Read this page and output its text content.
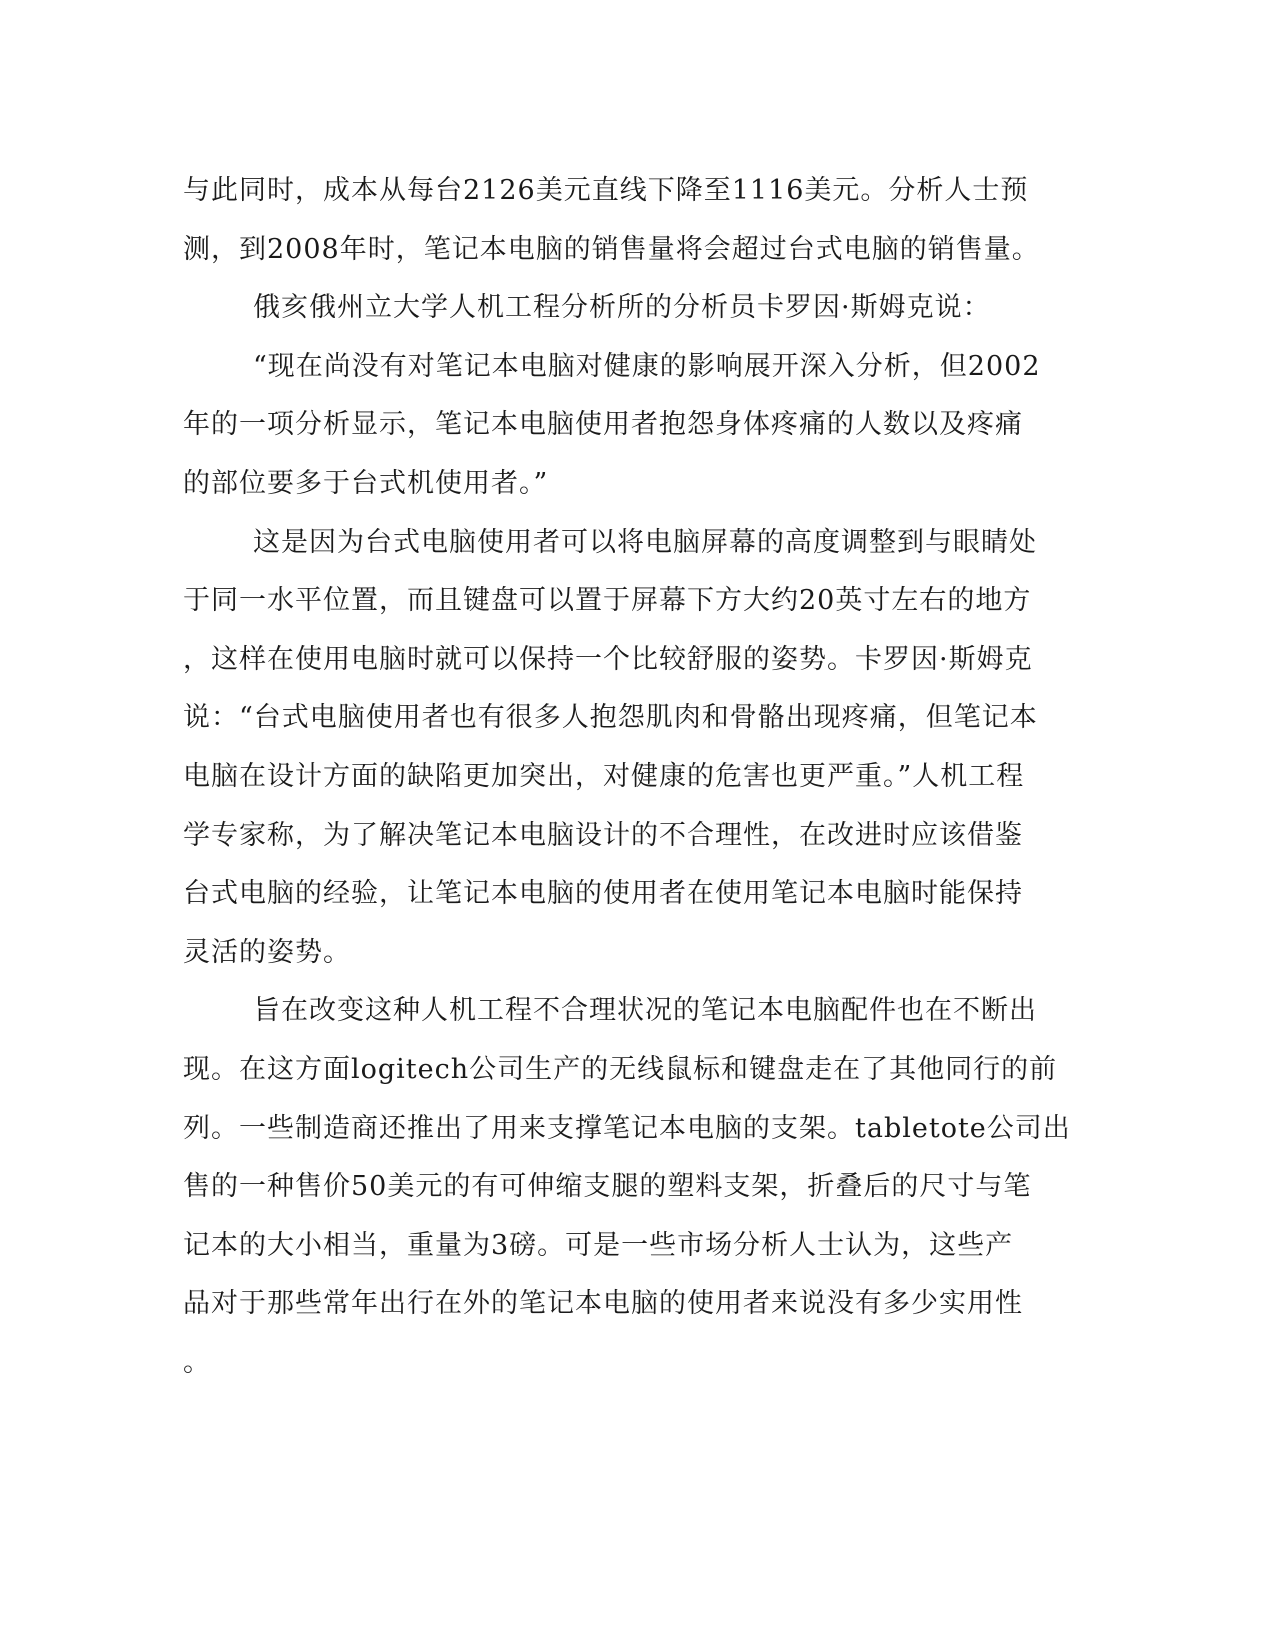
与此同时，成本从每台2126美元直线下降至1116美元。分析人士预
测，到2008年时，笔记本电脑的销售量将会超过台式电脑的销售量。
俄亥俄州立大学人机工程分析所的分析员卡罗因·斯姆克说：
“现在尚没有对笔记本电脑对健康的影响展开深入分析，但2002
年的一项分析显示，笔记本电脑使用者抱怨身体疼痛的人数以及疼痛
的部位要多于台式机使用者。”
这是因为台式电脑使用者可以将电脑屏幕的高度调整到与眼睛处
于同一水平位置，而且键盘可以置于屏幕下方大约20英寸左右的地方
，这样在使用电脑时就可以保持一个比较舒服的姿势。卡罗因·斯姆克
说：“台式电脑使用者也有很多人抱怨肌肉和骨骼出现疼痛，但笔记本
电脑在设计方面的缺陷更加突出，对健康的危害也更严重。”人机工程
学专家称，为了解决笔记本电脑设计的不合理性，在改进时应该借鉴
台式电脑的经验，让笔记本电脑的使用者在使用笔记本电脑时能保持
灵活的姿势。
旨在改变这种人机工程不合理状况的笔记本电脑配件也在不断出
现。在这方面logitech公司生产的无线鼠标和键盘走在了其他同行的前
列。一些制造商还推出了用来支撑笔记本电脑的支架。tabletote公司出
售的一种售价50美元的有可伸缩支腿的塑料支架，折叠后的尺寸与笔
记本的大小相当，重量为3磅。可是一些市场分析人士认为，这些产
品对于那些常年出行在外的笔记本电脑的使用者来说没有多少实用性
。
